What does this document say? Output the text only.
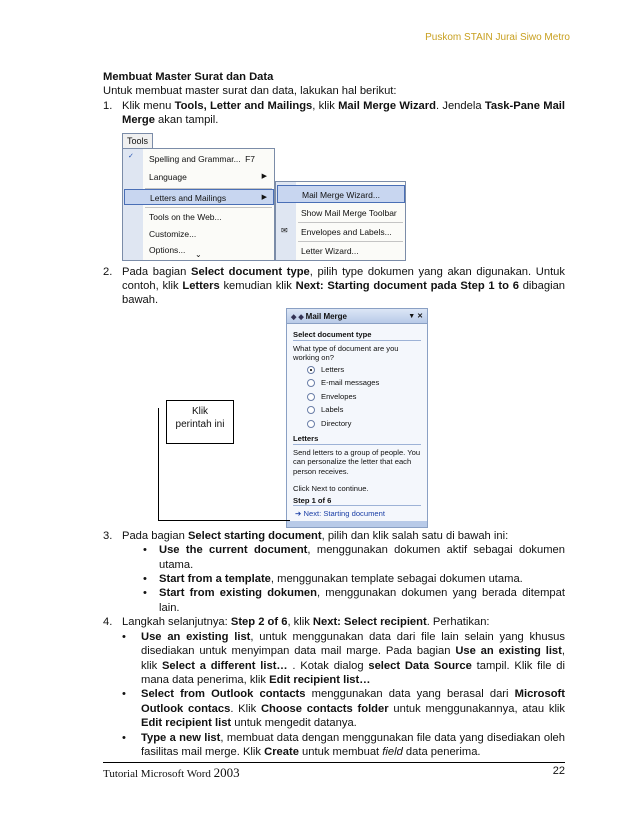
Puskom STAIN Jurai Siwo Metro
Membuat Master Surat dan Data
Untuk membuat master surat dan data, lakukan hal berikut:
1. Klik menu Tools, Letter and Mailings, klik Mail Merge Wizard. Jendela Task-Pane Mail Merge akan tampil.
2. Pada bagian Select document type, pilih type dokumen yang akan digunakan. Untuk contoh, klik Letters kemudian klik Next: Starting document pada Step 1 to 6 dibagian bawah.
3. Pada bagian Select starting document, pilih dan klik salah satu di bawah ini:
• Use the current document, menggunakan dokumen aktif sebagai dokumen utama.
• Start from a template, menggunakan template sebagai dokumen utama.
• Start from existing dokumen, menggunakan dokumen yang berada ditempat lain.
4. Langkah selanjutnya: Step 2 of 6, klik Next: Select recipient. Perhatikan:
• Use an existing list, untuk menggunakan data dari file lain selain yang khusus disediakan untuk menyimpan data mail marge. Pada bagian Use an existing list, klik Select a different list… . Kotak dialog select Data Source tampil. Klik file di mana data penerima, klik Edit recipient list…
• Select from Outlook contacts menggunakan data yang berasal dari Microsoft Outlook contacs. Klik Choose contacts folder untuk menggunakannya, atau klik Edit recipient list untuk mengedit datanya.
• Type a new list, membuat data dengan menggunakan file data yang disediakan oleh fasilitas mail merge. Klik Create untuk membuat field data penerima.
Tools
✓ Spelling and Grammar... F7
Language	▶
Letters and Mailings	▶
Tools on the Web...
Customize...
Options...	⌄
Mail Merge Wizard...
Show Mail Merge Toolbar
✉ Envelopes and Labels...
Letter Wizard...
◆ ◆ Mail Merge	▼ ✕
Select document type
What type of document are you working on?
Letters
E-mail messages
Envelopes
Labels
Directory
Letters
Send letters to a group of people. You can personalize the letter that each person receives.
Click Next to continue.
Step 1 of 6
➔ Next: Starting document
Klik
perintah ini
Tutorial Microsoft Word 2003	22
